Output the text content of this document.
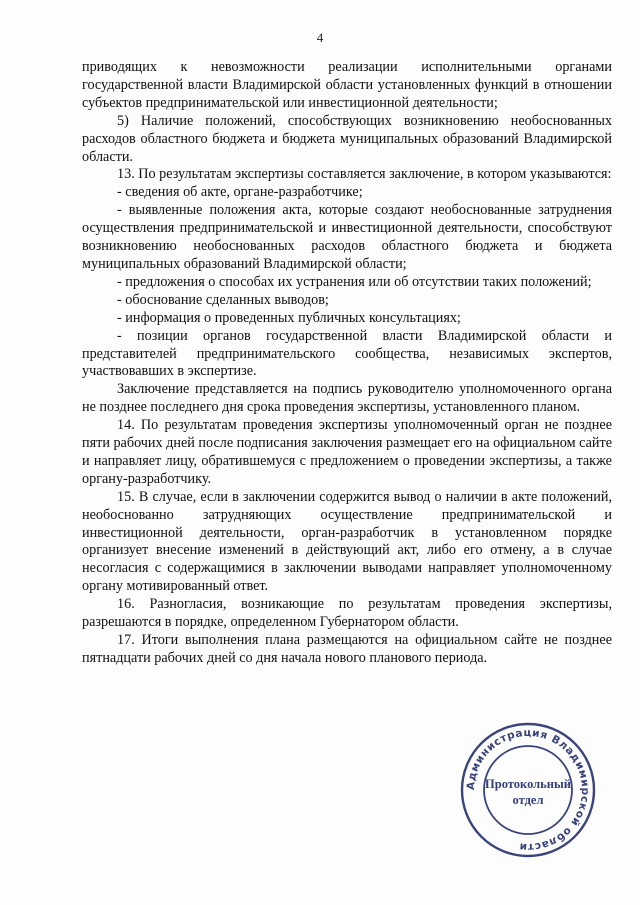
4

приводящих к невозможности реализации исполнительными органами государственной власти Владимирской области установленных функций в отношении субъектов предпринимательской или инвестиционной деятельности;

5) Наличие положений, способствующих возникновению необоснованных расходов областного бюджета и бюджета муниципальных образований Владимирской области.

13. По результатам экспертизы составляется заключение, в котором указываются:

- сведения об акте, органе-разработчике;

- выявленные положения акта, которые создают необоснованные затруднения осуществления предпринимательской и инвестиционной деятельности, способствуют возникновению необоснованных расходов областного бюджета и бюджета муниципальных образований Владимирской области;

- предложения о способах их устранения или об отсутствии таких положений;

- обоснование сделанных выводов;

- информация о проведенных публичных консультациях;

- позиции органов государственной власти Владимирской области и представителей предпринимательского сообщества, независимых экспертов, участвовавших в экспертизе.

Заключение представляется на подпись руководителю уполномоченного органа не позднее последнего дня срока проведения экспертизы, установленного планом.

14. По результатам проведения экспертизы уполномоченный орган не позднее пяти рабочих дней после подписания заключения размещает его на официальном сайте и направляет лицу, обратившемуся с предложением о проведении экспертизы, а также органу-разработчику.

15. В случае, если в заключении содержится вывод о наличии в акте положений, необоснованно затрудняющих осуществление предпринимательской и инвестиционной деятельности, орган-разработчик в установленном порядке организует внесение изменений в действующий акт, либо его отмену, а в случае несогласия с содержащимися в заключении выводами направляет уполномоченному органу мотивированный ответ.

16. Разногласия, возникающие по результатам проведения экспертизы, разрешаются в порядке, определенном Губернатором области.

17. Итоги выполнения плана размещаются на официальном сайте не позднее пятнадцати рабочих дней со дня начала нового планового периода.

Администрация Владимирской области
Протокольный
отдел
